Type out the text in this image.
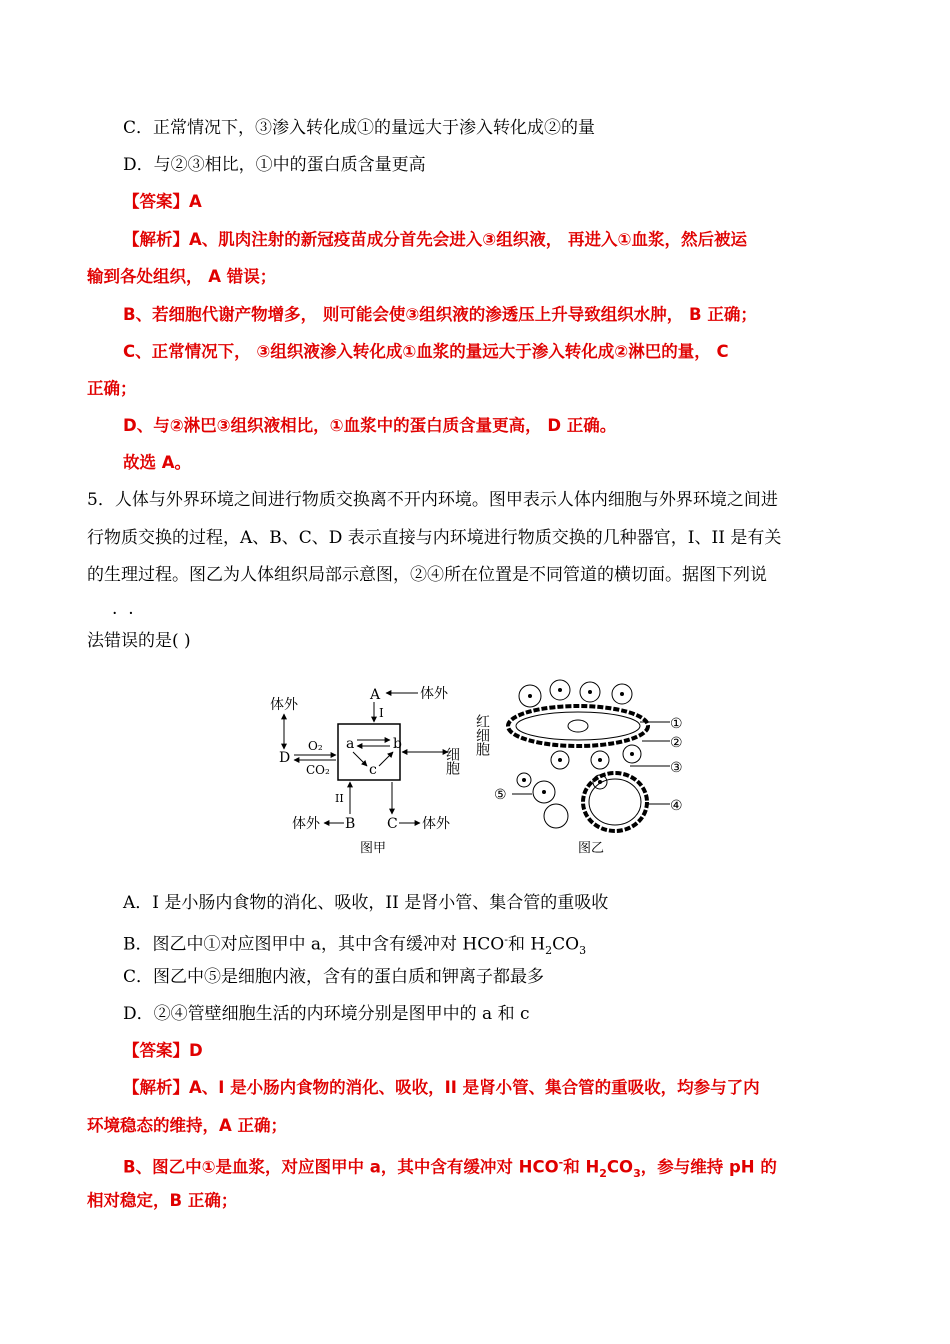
C．正常情况下，③渗入转化成①的量远大于渗入转化成②的量
D．与②③相比，①中的蛋白质含量更高
【答案】A
【解析】A、肌肉注射的新冠疫苗成分首先会进入③组织液， 再进入①血浆，然后被运
输到各处组织， A 错误；
B、若细胞代谢产物增多， 则可能会使③组织液的渗透压上升导致组织水肿， B 正确；
C、正常情况下， ③组织液渗入转化成①血浆的量远大于渗入转化成②淋巴的量， C
正确；
D、与②淋巴③组织液相比，①血浆中的蛋白质含量更高， D 正确。
故选 A。
5．人体与外界环境之间进行物质交换离不开内环境。图甲表示人体内细胞与外界环境之间进
行物质交换的过程，A、B、C、D 表示直接与内环境进行物质交换的几种器官，I、II 是有关
的生理过程。图乙为人体组织局部示意图，②④所在位置是不同管道的横切面。据图下列说
·  ·
法错误的是( )
A	体外
I
体外
D
O₂
CO₂
a	b
c	细胞
II
体外 B C 体外
图甲
红细胞	①
②
③
⑤
④
图乙
A．I 是小肠内食物的消化、吸收，II 是肾小管、集合管的重吸收
B．图乙中①对应图甲中 a，其中含有缓冲对 HCO-和 $H_2CO_3$
C．图乙中⑤是细胞内液，含有的蛋白质和钾离子都最多
D．②④管壁细胞生活的内环境分别是图甲中的 a 和 c
【答案】D
【解析】A、I 是小肠内食物的消化、吸收，II 是肾小管、集合管的重吸收，均参与了内
环境稳态的维持，A 正确；
B、图乙中①是血浆，对应图甲中 a，其中含有缓冲对 HCO-和 $H_2CO_3$，参与维持 pH 的
相对稳定，B 正确；
